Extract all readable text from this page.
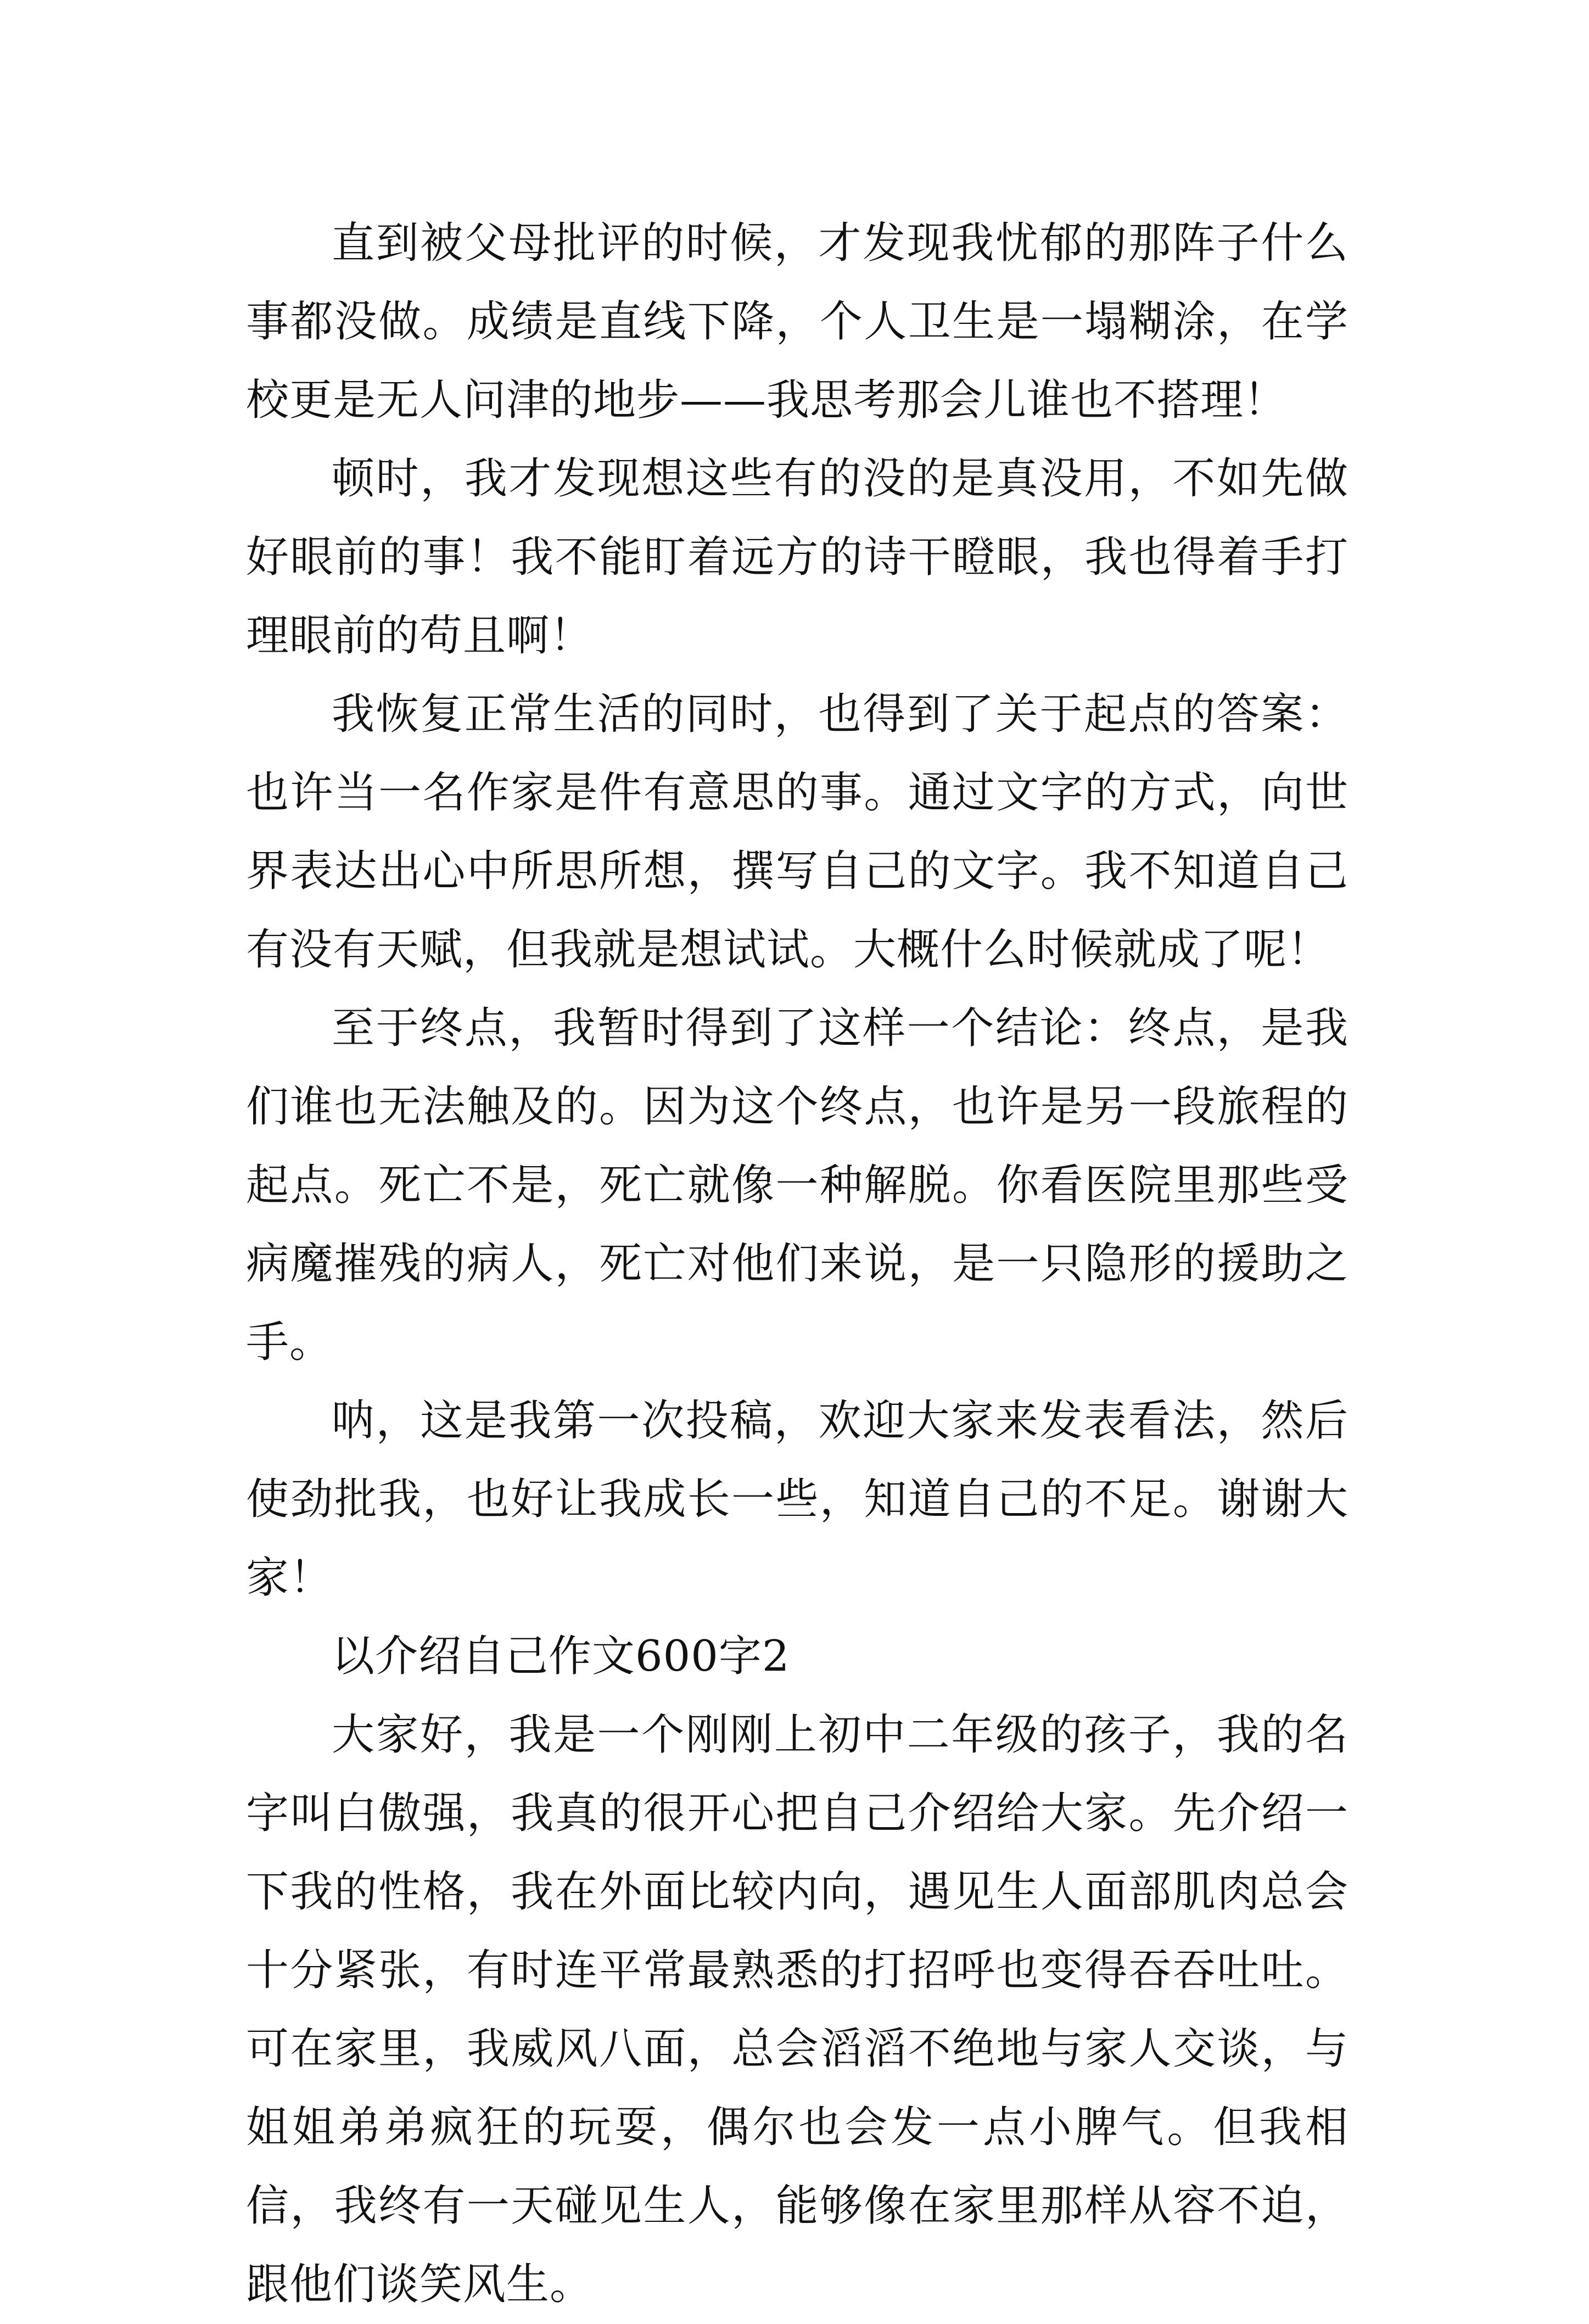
直到被父母批评的时候，才发现我忧郁的那阵子什么事都没做。成绩是直线下降，个人卫生是一塌糊涂，在学校更是无人问津的地步——我思考那会儿谁也不搭理！

顿时，我才发现想这些有的没的是真没用，不如先做好眼前的事！我不能盯着远方的诗干瞪眼，我也得着手打理眼前的苟且啊！

我恢复正常生活的同时，也得到了关于起点的答案：也许当一名作家是件有意思的事。通过文字的方式，向世界表达出心中所思所想，撰写自己的文字。我不知道自己有没有天赋，但我就是想试试。大概什么时候就成了呢！

至于终点，我暂时得到了这样一个结论：终点，是我们谁也无法触及的。因为这个终点，也许是另一段旅程的起点。死亡不是，死亡就像一种解脱。你看医院里那些受病魔摧残的病人，死亡对他们来说，是一只隐形的援助之手。

呐，这是我第一次投稿，欢迎大家来发表看法，然后使劲批我，也好让我成长一些，知道自己的不足。谢谢大家！

以介绍自己作文600字2

大家好，我是一个刚刚上初中二年级的孩子，我的名字叫白傲强，我真的很开心把自己介绍给大家。先介绍一下我的性格，我在外面比较内向，遇见生人面部肌肉总会十分紧张，有时连平常最熟悉的打招呼也变得吞吞吐吐。可在家里，我威风八面，总会滔滔不绝地与家人交谈，与姐姐弟弟疯狂的玩耍，偶尔也会发一点小脾气。但我相信，我终有一天碰见生人，能够像在家里那样从容不迫，跟他们谈笑风生。
